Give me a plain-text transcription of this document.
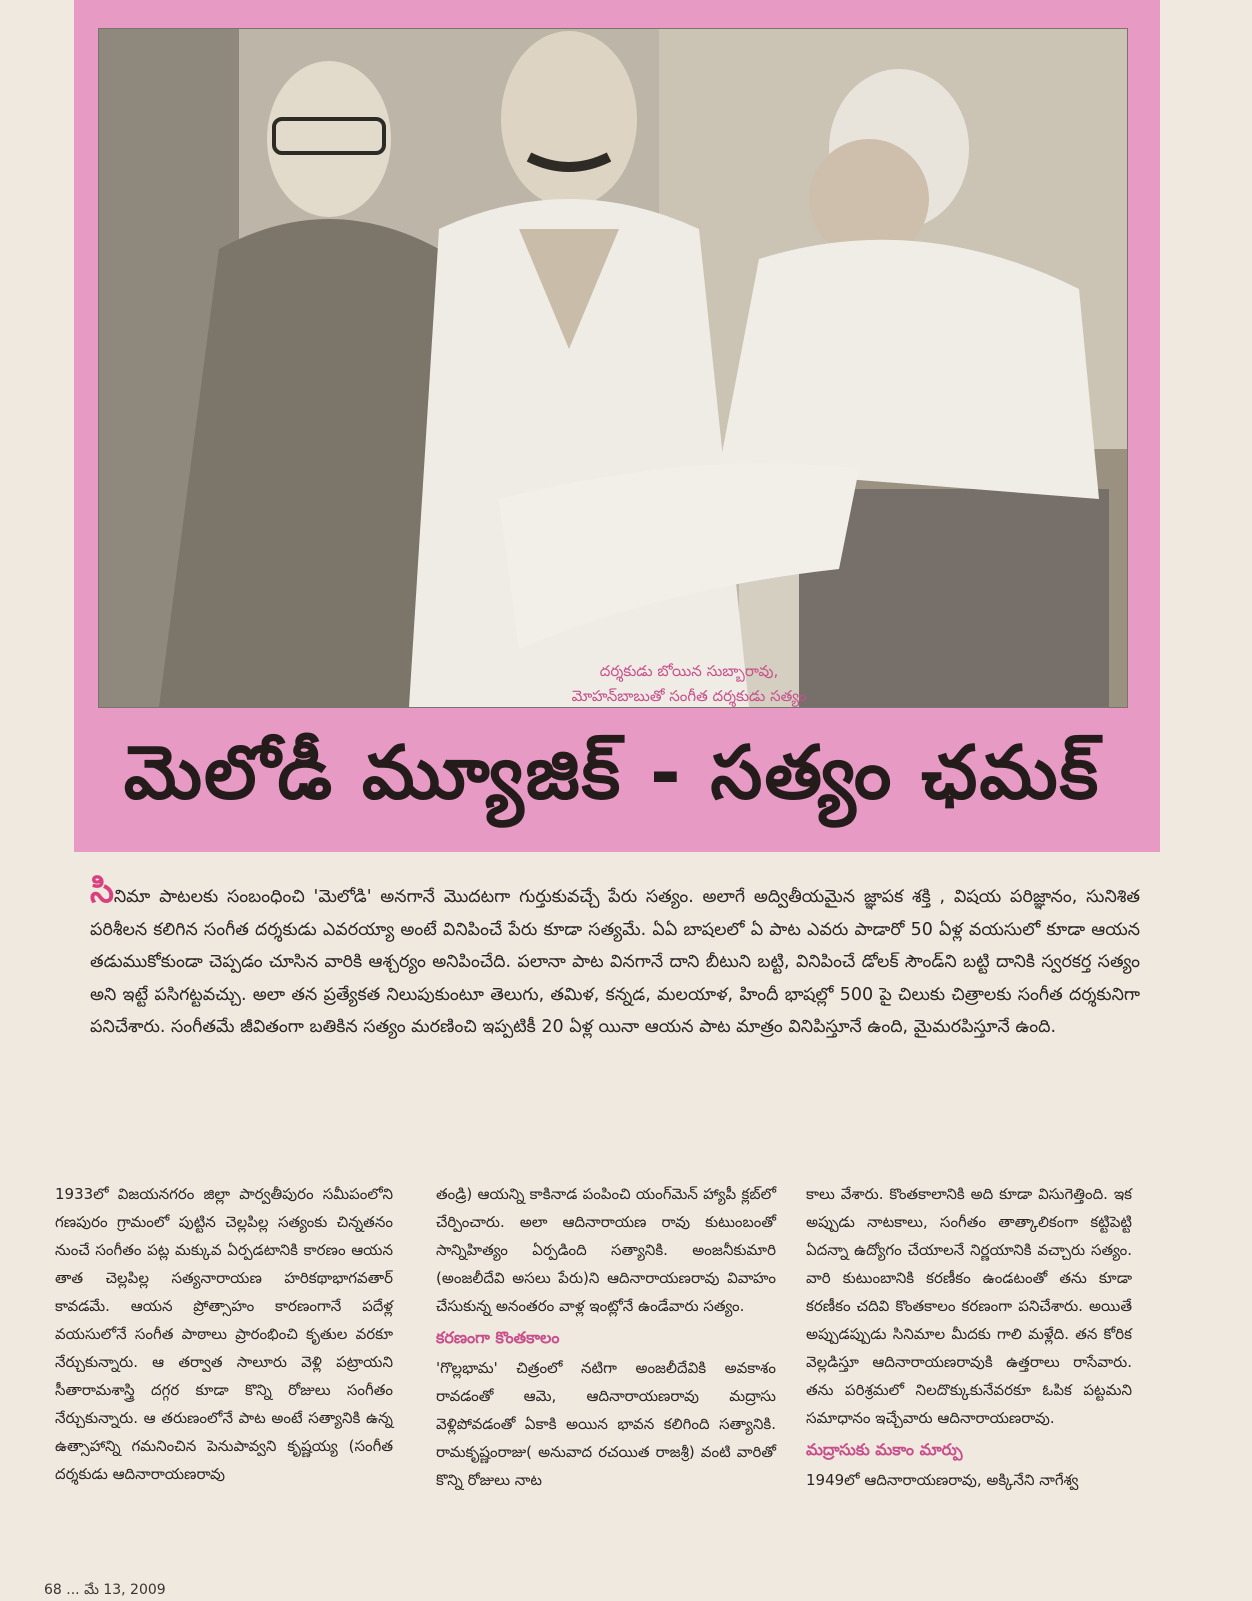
దర్శకుడు బోయిన సుబ్బారావు,
మోహన్‌బాబుతో సంగీత దర్శకుడు సత్యం
మెలోడీ మ్యూజిక్ - సత్యం ఛమక్
సినిమా పాటలకు సంబంధించి 'మెలోడి' అనగానే మొదటగా గుర్తుకువచ్చే పేరు సత్యం. అలాగే అద్వితీయమైన జ్ఞాపక శక్తి , విషయ పరిజ్ఞానం, సునిశిత పరిశీలన కలిగిన సంగీత దర్శకుడు ఎవరయ్యా అంటే వినిపించే పేరు కూడా సత్యమే. ఏఏ బాషలలో ఏ పాట ఎవరు పాడారో 50 ఏళ్ల వయసులో కూడా ఆయన తడుముకోకుండా చెప్పడం చూసిన వారికి ఆశ్చర్యం అనిపించేది. పలానా పాట వినగానే దాని బీటుని బట్టి, వినిపించే డోలక్ సౌండ్‌ని బట్టి దానికి స్వరకర్త సత్యం అని ఇట్టే పసిగట్టవచ్చు. అలా తన ప్రత్యేకత నిలుపుకుంటూ తెలుగు, తమిళ, కన్నడ, మలయాళ, హిందీ భాషల్లో 500 పై చిలుకు చిత్రాలకు సంగీత దర్శకునిగా పనిచేశారు. సంగీతమే జీవితంగా బతికిన సత్యం మరణించి ఇప్పటికీ 20 ఏళ్ల యినా ఆయన పాట మాత్రం వినిపిస్తూనే ఉంది, మైమరపిస్తూనే ఉంది.
1933లో విజయనగరం జిల్లా పార్వతీపురం సమీపంలోని గణపురం గ్రామంలో పుట్టిన చెల్లపిల్ల సత్యంకు చిన్నతనం నుంచే సంగీతం పట్ల మక్కువ ఏర్పడటానికి కారణం ఆయన తాత చెల్లపిల్ల సత్యనారాయణ హరికథాభాగవతార్ కావడమే. ఆయన ప్రోత్సాహం కారణంగానే పదేళ్ల వయసులోనే సంగీత పాఠాలు ప్రారంభించి కృతుల వరకూ నేర్చుకున్నారు. ఆ తర్వాత సాలూరు వెళ్లి పట్రాయని సీతారామశాస్త్రి దగ్గర కూడా కొన్ని రోజులు సంగీతం నేర్చుకున్నారు. ఆ తరుణంలోనే పాట అంటే సత్యానికి ఉన్న ఉత్సాహాన్ని గమనించిన పెనుపావ్వని కృష్ణయ్య (సంగీత దర్శకుడు ఆదినారాయణరావు
తండ్రి) ఆయన్ని కాకినాడ పంపించి యంగ్‌మెన్ హ్యాపీ క్లబ్‌లో చేర్పించారు. అలా ఆదినారాయణ రావు కుటుంబంతో సాన్నిహిత్యం ఏర్పడింది సత్యానికి. అంజనీకుమారి (అంజలీదేవి అసలు పేరు)ని ఆదినారాయణరావు వివాహం చేసుకున్న అనంతరం వాళ్ల ఇంట్లోనే ఉండేవారు సత్యం.
కరణంగా కొంతకాలం
'గొల్లభామ' చిత్రంలో నటిగా అంజలీదేవికి అవకాశం రావడంతో ఆమె, ఆదినారాయణరావు మద్రాసు వెళ్లిపోవడంతో ఏకాకి అయిన భావన కలిగింది సత్యానికి. రామకృష్ణంరాజు( అనువాద రచయిత రాజశ్రీ) వంటి వారితో కొన్ని రోజులు నాట
కాలు వేశారు. కొంతకాలానికి అది కూడా విసుగెత్తింది. ఇక అప్పుడు నాటకాలు, సంగీతం తాత్కాలికంగా కట్టిపెట్టి ఏదన్నా ఉద్యోగం చేయాలనే నిర్ణయానికి వచ్చారు సత్యం. వారి కుటుంబానికి కరణీకం ఉండటంతో తను కూడా కరణీకం చదివి కొంతకాలం కరణంగా పనిచేశారు. అయితే అప్పుడప్పుడు సినిమాల మీదకు గాలి మళ్లేది. తన కోరిక వెల్లడిస్తూ ఆదినారాయణరావుకి ఉత్తరాలు రాసేవారు. తను పరిశ్రమలో నిలదొక్కుకునేవరకూ ఓపిక పట్టమని సమాధానం ఇచ్చేవారు ఆదినారాయణరావు.
మద్రాసుకు మకాం మార్పు
1949లో ఆదినారాయణరావు, అక్కినేని నాగేశ్వ
68 ... మే 13, 2009
